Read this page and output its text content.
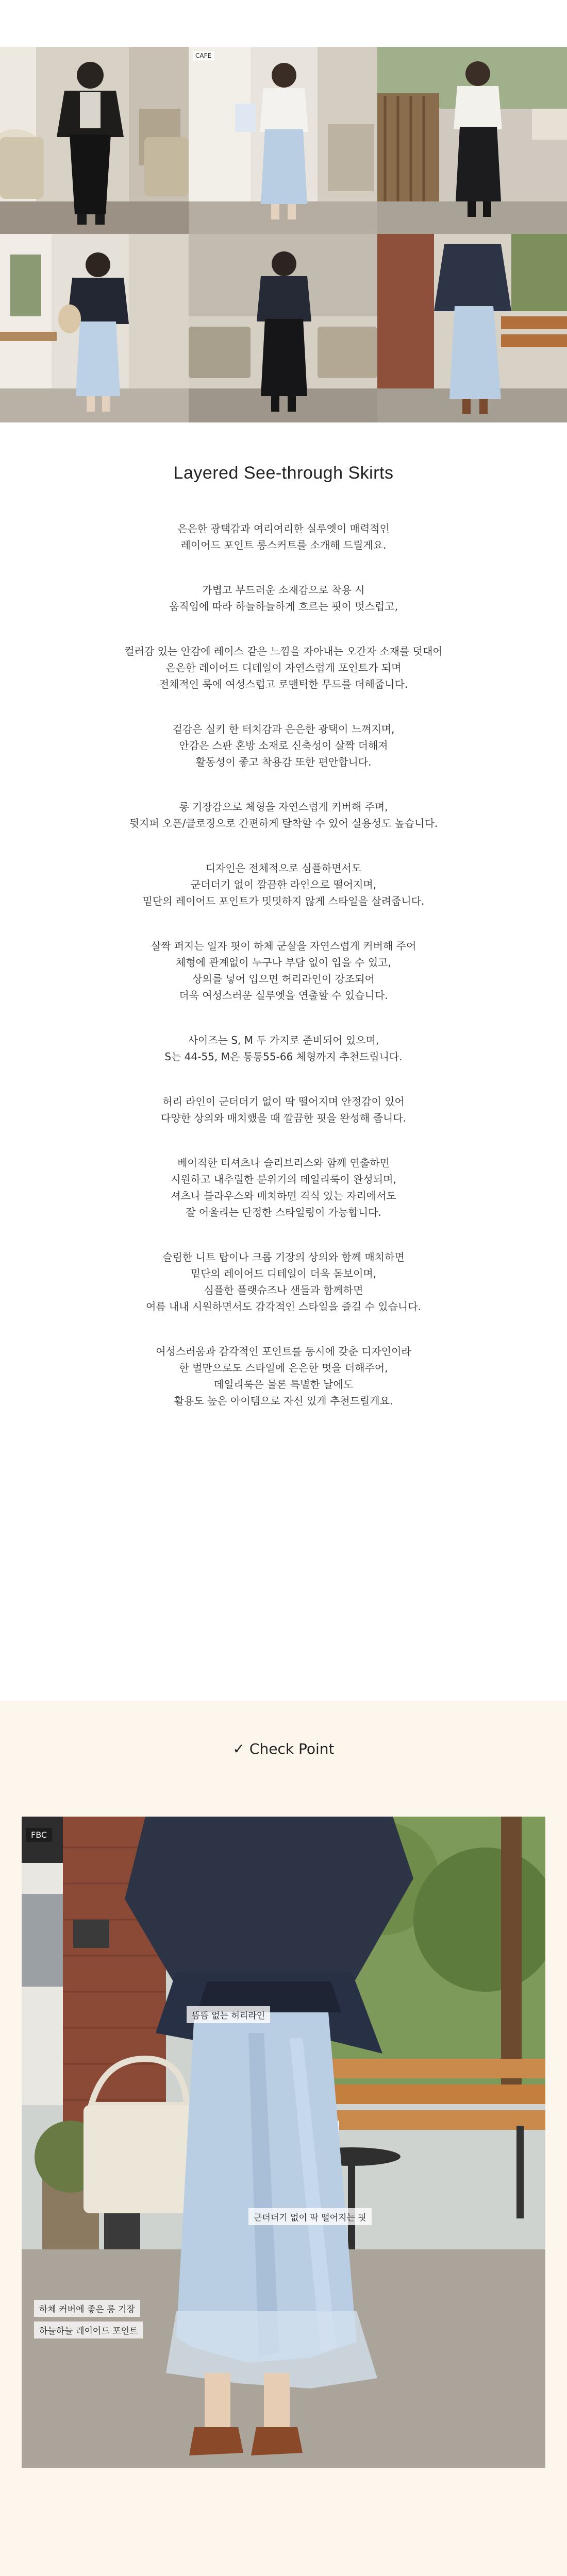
CAFE
Layered See-through Skirts
은은한 광택감과 여리여리한 실루엣이 매력적인
레이어드 포인트 롱스커트를 소개해 드릴게요.
가볍고 부드러운 소재감으로 착용 시
움직임에 따라 하늘하늘하게 흐르는 핏이 멋스럽고,
컬러감 있는 안감에 레이스 같은 느낌을 자아내는 오간자 소재를 덧대어
은은한 레이어드 디테일이 자연스럽게 포인트가 되며
전체적인 룩에 여성스럽고 로맨틱한 무드를 더해줍니다.
겉감은 실키 한 터치감과 은은한 광택이 느껴지며,
안감은 스판 혼방 소재로 신축성이 살짝 더해져
활동성이 좋고 착용감 또한 편안합니다.
롱 기장감으로 체형을 자연스럽게 커버해 주며,
뒷지퍼 오픈/클로징으로 간편하게 탈착할 수 있어 실용성도 높습니다.
디자인은 전체적으로 심플하면서도
군더더기 없이 깔끔한 라인으로 떨어지며,
밑단의 레이어드 포인트가 밋밋하지 않게 스타일을 살려줍니다.
살짝 퍼지는 일자 핏이 하체 군살을 자연스럽게 커버해 주어
체형에 관계없이 누구나 부담 없이 입을 수 있고,
상의를 넣어 입으면 허리라인이 강조되어
더욱 여성스러운 실루엣을 연출할 수 있습니다.
사이즈는 S, M 두 가지로 준비되어 있으며,
S는 44-55, M은 통통55-66 체형까지 추천드립니다.
허리 라인이 군더더기 없이 딱 떨어지며 안정감이 있어
다양한 상의와 매치했을 때 깔끔한 핏을 완성해 줍니다.
베이직한 티셔츠나 슬리브리스와 함께 연출하면
시원하고 내추럴한 분위기의 데일리룩이 완성되며,
셔츠나 블라우스와 매치하면 격식 있는 자리에서도
잘 어울리는 단정한 스타일링이 가능합니다.
슬림한 니트 탑이나 크롭 기장의 상의와 함께 매치하면
밑단의 레이어드 디테일이 더욱 돋보이며,
심플한 플랫슈즈나 샌들과 함께하면
여름 내내 시원하면서도 감각적인 스타일을 즐길 수 있습니다.
여성스러움과 감각적인 포인트를 동시에 갖춘 디자인이라
한 벌만으로도 스타일에 은은한 멋을 더해주어,
데일리룩은 물론 특별한 날에도
활용도 높은 아이템으로 자신 있게 추천드릴게요.
✓ Check Point
FBC
뜸뜸 없는 허리라인
군더더기 없이 딱 떨어지는 핏
하체 커버에 좋은 롱 기장
하늘하늘 레이어드 포인트
